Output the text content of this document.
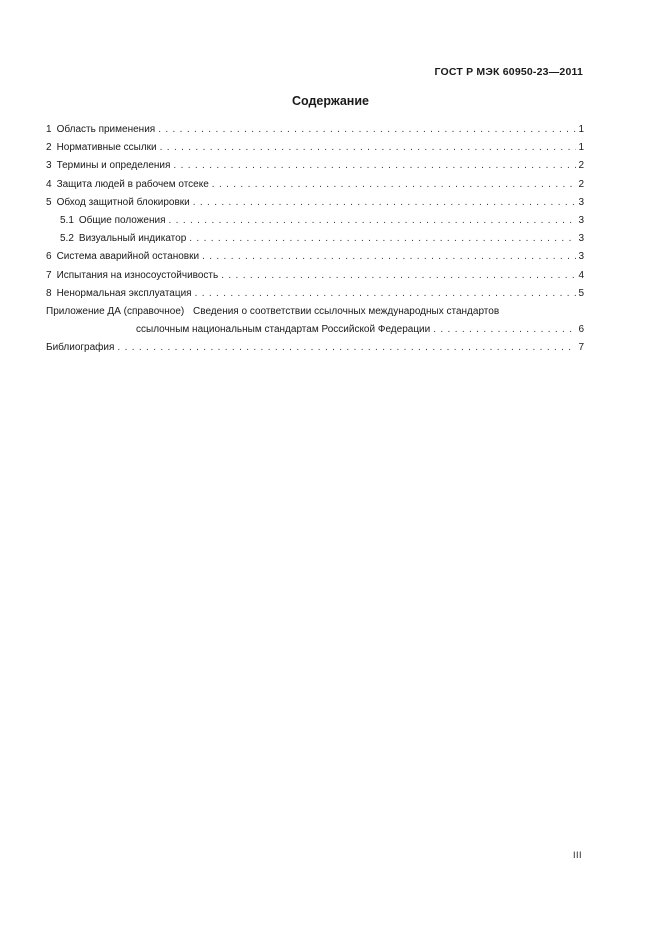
ГОСТ Р МЭК 60950-23—2011
Содержание
1 Область применения . . .	1
2 Нормативные ссылки . . .	1
3 Термины и определения . . .	2
4 Защита людей в рабочем отсеке . . .	2
5 Обход защитной блокировки . . .	3
5.1 Общие положения . . .	3
5.2 Визуальный индикатор . . .	3
6 Система аварийной остановки . . .	3
7 Испытания на износоустойчивость . . .	4
8 Ненормальная эксплуатация . . .	5
Приложение ДА (справочное) Сведения о соответствии ссылочных международных стандартов
ссылочным национальным стандартам Российской Федерации . . .	6
Библиография . . .	7
III
